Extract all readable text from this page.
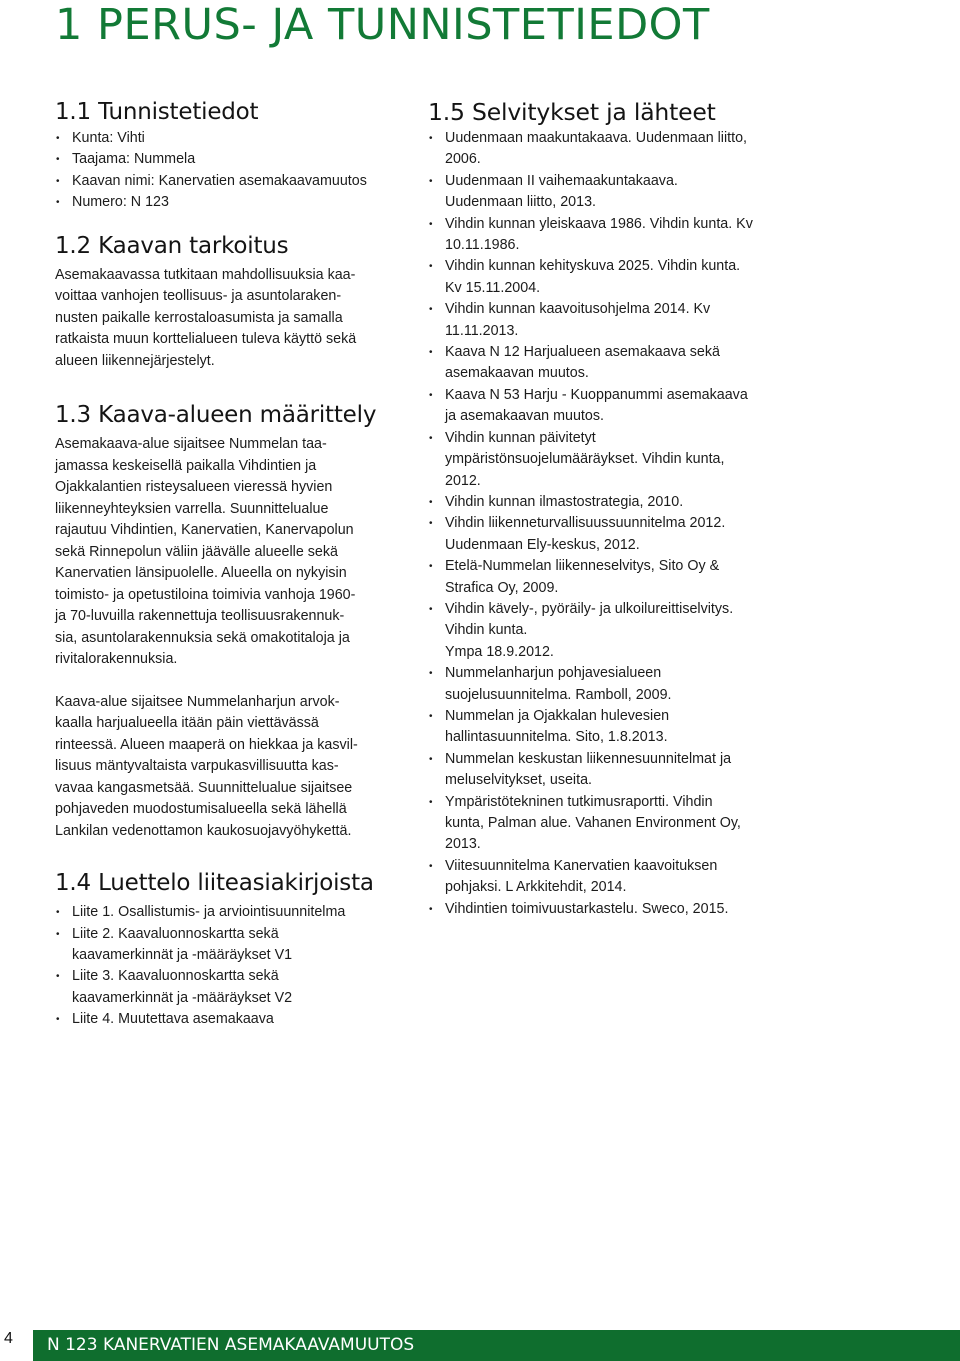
1 PERUS- JA TUNNISTETIEDOT
1.1 Tunnistetiedot
• Kunta: Vihti
• Taajama: Nummela
• Kaavan nimi: Kanervatien asemakaavamuutos
• Numero: N 123
1.2 Kaavan tarkoitus

Asemakaavassa tutkitaan mahdollisuuksia kaa-
voittaa vanhojen teollisuus- ja asuntolaraken-
nusten paikalle kerrostaloasumista ja samalla
ratkaista muun korttelialueen tuleva käyttö sekä
alueen liikennejärjestelyt.

1.3 Kaava-alueen määrittely

Asemakaava-alue sijaitsee Nummelan taa-
jamassa keskeisellä paikalla Vihdintien ja
Ojakkalantien risteysalueen vieressä hyvien
liikenneyhteyksien varrella. Suunnittelualue
rajautuu Vihdintien, Kanervatien, Kanervapolun
sekä Rinnepolun väliin jäävälle alueelle sekä
Kanervatien länsipuolelle. Alueella on nykyisin
toimisto- ja opetustiloina toimivia vanhoja 1960-
ja 70-luvuilla rakennettuja teollisuusrakennuk-
sia, asuntolarakennuksia sekä omakotitaloja ja
rivitalorakennuksia.

Kaava-alue sijaitsee Nummelanharjun arvok-
kaalla harjualueella itään päin viettävässä
rinteessä. Alueen maaperä on hiekkaa ja kasvil-
lisuus mäntyvaltaista varpukasvillisuutta kas-
vavaa kangasmetsää. Suunnittelualue sijaitsee
pohjaveden muodostumisalueella sekä lähellä
Lankilan vedenottamon kaukosuojavyöhykettä.

1.4 Luettelo liiteasiakirjoista
• Liite 1. Osallistumis- ja arviointisuunnitelma
• Liite 2. Kaavaluonnoskartta sekä
kaavamerkinnät ja -määräykset V1
• Liite 3. Kaavaluonnoskartta sekä
kaavamerkinnät ja -määräykset V2
• Liite 4. Muutettava asemakaava
1.5 Selvitykset ja lähteet
• Uudenmaan maakuntakaava. Uudenmaan liitto,
2006.
• Uudenmaan II vaihemaakuntakaava.
Uudenmaan liitto, 2013.
• Vihdin kunnan yleiskaava 1986. Vihdin kunta. Kv
10.11.1986.
• Vihdin kunnan kehityskuva 2025. Vihdin kunta.
Kv 15.11.2004.
• Vihdin kunnan kaavoitusohjelma 2014. Kv
11.11.2013.
• Kaava N 12 Harjualueen asemakaava sekä
asemakaavan muutos.
• Kaava N 53 Harju - Kuoppanummi asemakaava
ja asemakaavan muutos.
• Vihdin kunnan päivitetyt
ympäristönsuojelumääräykset. Vihdin kunta,
2012.
• Vihdin kunnan ilmastostrategia, 2010.
• Vihdin liikenneturvallisuussuunnitelma 2012.
Uudenmaan Ely-keskus, 2012.
• Etelä-Nummelan liikenneselvitys, Sito Oy &
Strafica Oy, 2009.
• Vihdin kävely-, pyöräily- ja ulkoilureittiselvitys.
Vihdin kunta.
Ympa 18.9.2012.
• Nummelanharjun pohjavesialueen
suojelusuunnitelma. Ramboll, 2009.
• Nummelan ja Ojakkalan hulevesien
hallintasuunnitelma. Sito, 1.8.2013.
• Nummelan keskustan liikennesuunnitelmat ja
meluselvitykset, useita.
• Ympäristötekninen tutkimusraportti. Vihdin
kunta, Palman alue. Vahanen Environment Oy,
2013.
• Viitesuunnitelma Kanervatien kaavoituksen
pohjaksi. L Arkkitehdit, 2014.
• Vihdintien toimivuustarkastelu. Sweco, 2015.
4	N 123 KANERVATIEN ASEMAKAAVAMUUTOS
